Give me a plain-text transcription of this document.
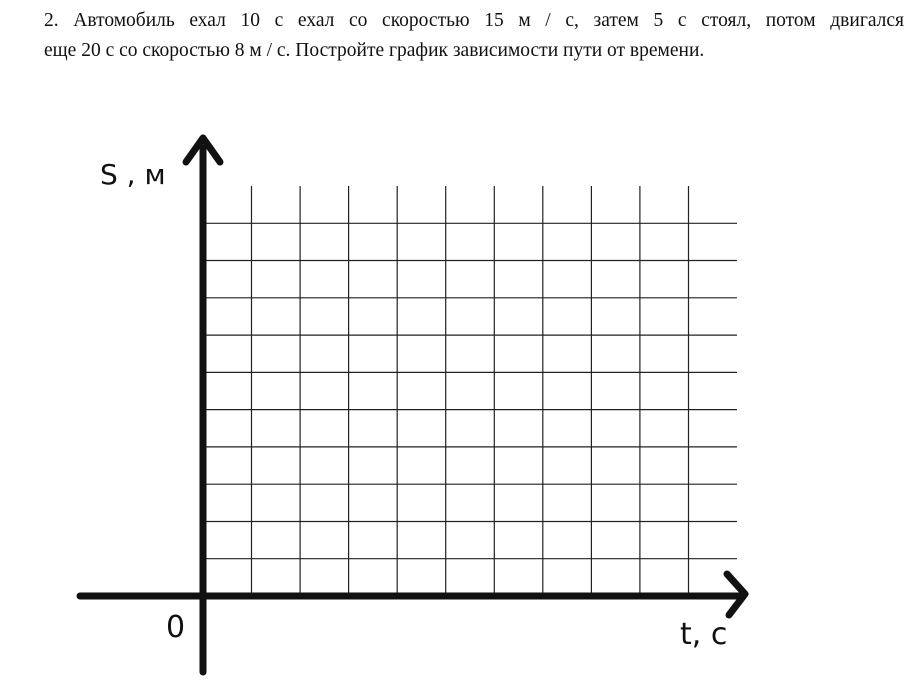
2. Автомобиль ехал 10 с ехал со скоростью 15 м / с, затем 5 с стоял, потом двигался
еще 20 с со скоростью 8 м / с. Постройте график зависимости пути от времени.
S , м
t, с
0
